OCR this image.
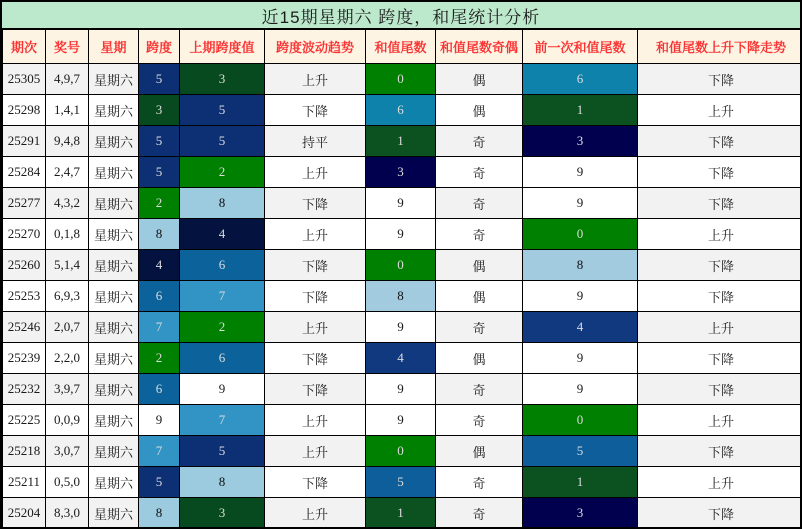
近15期星期六 跨度，和尾统计分析
期次	奖号	星期	跨度	上期跨度值	跨度波动趋势	和值尾数	和值尾数奇偶	前一次和值尾数	和值尾数上升下降走势
25305	4,9,7	星期六	5	3	上升	0	偶	6	下降
25298	1,4,1	星期六	3	5	下降	6	偶	1	上升
25291	9,4,8	星期六	5	5	持平	1	奇	3	下降
25284	2,4,7	星期六	5	2	上升	3	奇	9	下降
25277	4,3,2	星期六	2	8	下降	9	奇	9	下降
25270	0,1,8	星期六	8	4	上升	9	奇	0	上升
25260	5,1,4	星期六	4	6	下降	0	偶	8	下降
25253	6,9,3	星期六	6	7	下降	8	偶	9	下降
25246	2,0,7	星期六	7	2	上升	9	奇	4	上升
25239	2,2,0	星期六	2	6	下降	4	偶	9	下降
25232	3,9,7	星期六	6	9	下降	9	奇	9	下降
25225	0,0,9	星期六	9	7	上升	9	奇	0	上升
25218	3,0,7	星期六	7	5	上升	0	偶	5	下降
25211	0,5,0	星期六	5	8	下降	5	奇	1	上升
25204	8,3,0	星期六	8	3	上升	1	奇	3	下降
